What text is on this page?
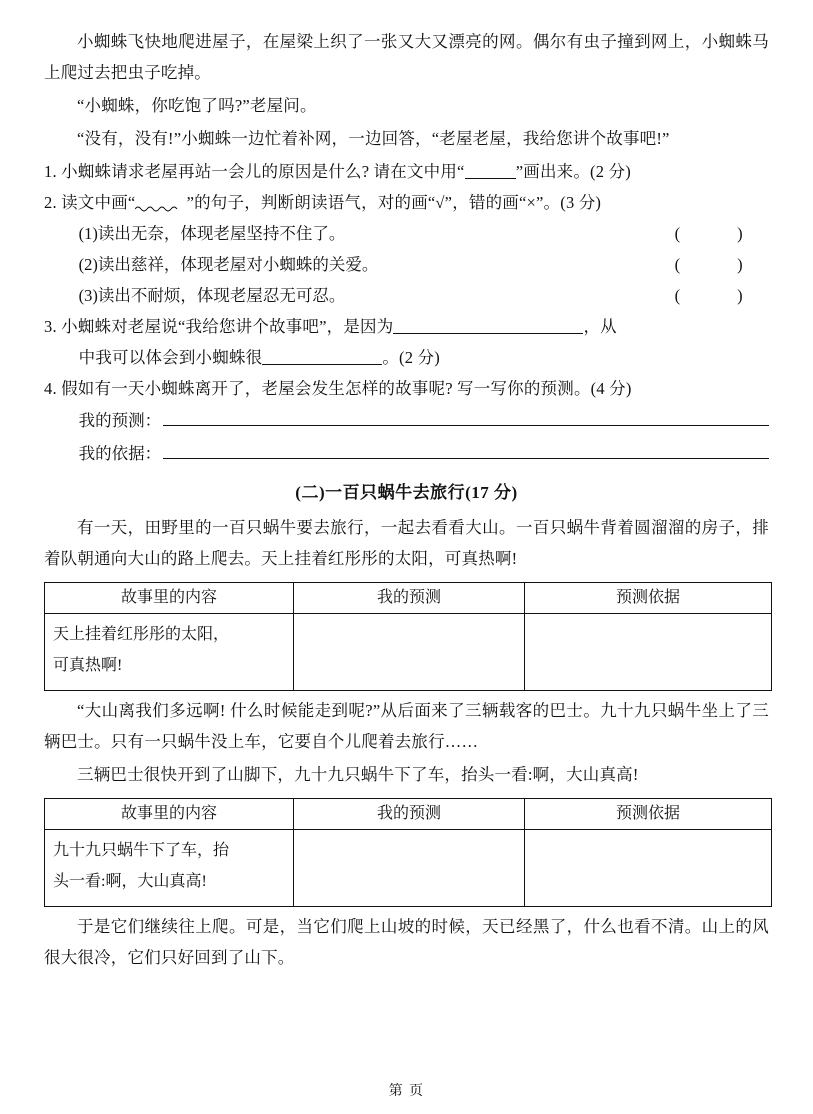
小蜘蛛飞快地爬进屋子，在屋梁上织了一张又大又漂亮的网。偶尔有虫子撞到网上，小蜘蛛马上爬过去把虫子吃掉。

“小蜘蛛，你吃饱了吗?”老屋问。

“没有，没有!”小蜘蛛一边忙着补网，一边回答，“老屋老屋，我给您讲个故事吧!”

1. 小蜘蛛请求老屋再站一会儿的原因是什么? 请在文中用“	”画出来。(2 分)

2. 读文中画“	”的句子，判断朗读语气，对的画“√”，错的画“×”。(3 分)

(1)读出无奈，体现老屋坚持不住了。	( )
(2)读出慈祥，体现老屋对小蜘蛛的关爱。	( )
(3)读出不耐烦，体现老屋忍无可忍。	( )

3. 小蜘蛛对老屋说“我给您讲个故事吧”，是因为	，从

中我可以体会到小蜘蛛很	。(2 分)

4. 假如有一天小蜘蛛离开了，老屋会发生怎样的故事呢? 写一写你的预测。(4 分)

我的预测：
我的依据：
(二)一百只蜗牛去旅行(17 分)

有一天，田野里的一百只蜗牛要去旅行，一起去看看大山。一百只蜗牛背着圆溜溜的房子，排着队朝通向大山的路上爬去。天上挂着红彤彤的太阳，可真热啊!

故事里的内容	我的预测	预测依据
天上挂着红彤彤的太阳，
可真热啊!		

“大山离我们多远啊! 什么时候能走到呢?”从后面来了三辆载客的巴士。九十九只蜗牛坐上了三辆巴士。只有一只蜗牛没上车，它要自个儿爬着去旅行……

三辆巴士很快开到了山脚下，九十九只蜗牛下了车，抬头一看:啊，大山真高!

故事里的内容	我的预测	预测依据
九十九只蜗牛下了车，抬
头一看:啊，大山真高!		

于是它们继续往上爬。可是，当它们爬上山坡的时候，天已经黑了，什么也看不清。山上的风很大很冷，它们只好回到了山下。

第 页
